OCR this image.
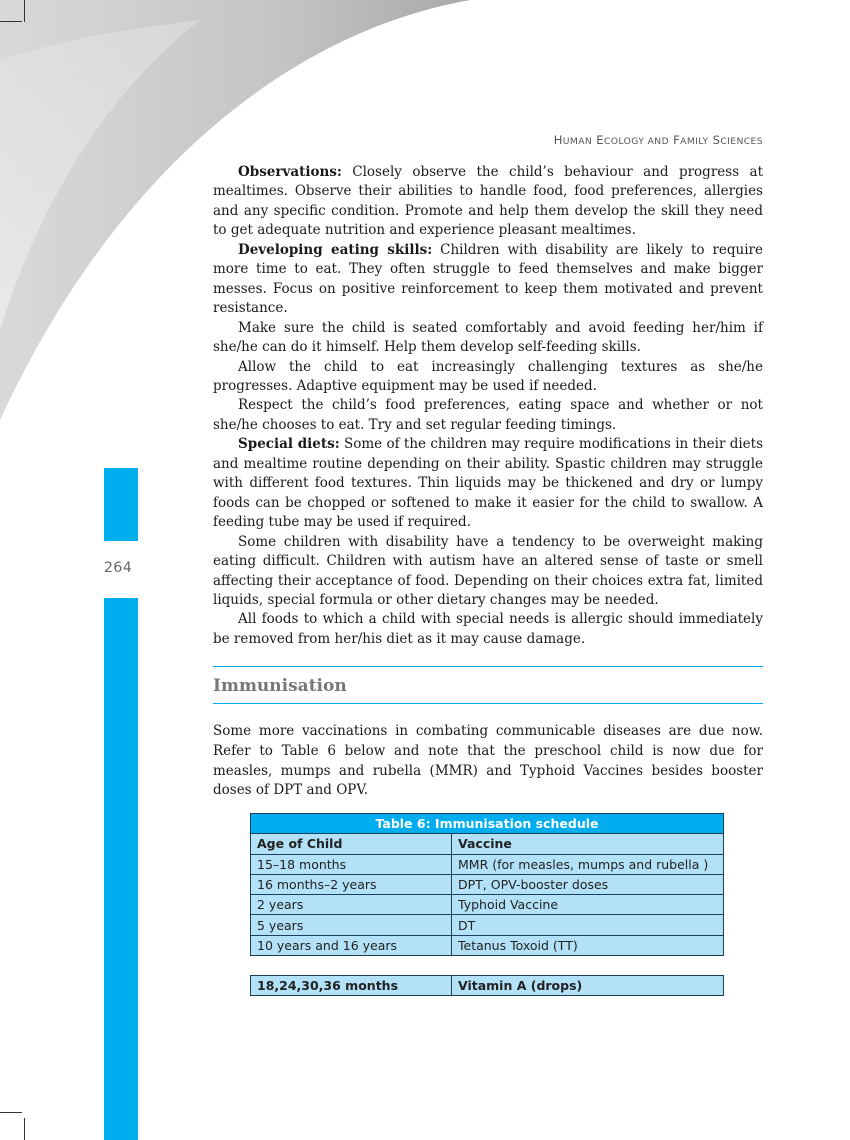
264
HUMAN ECOLOGY AND FAMILY SCIENCES

Observations: Closely observe the child’s behaviour and progress at mealtimes. Observe their abilities to handle food, food preferences, allergies and any specific condition. Promote and help them develop the skill they need to get adequate nutrition and experience pleasant mealtimes.

Developing eating skills: Children with disability are likely to require more time to eat. They often struggle to feed themselves and make bigger messes. Focus on positive reinforcement to keep them motivated and prevent resistance.

Make sure the child is seated comfortably and avoid feeding her/him if she/he can do it himself. Help them develop self-feeding skills.

Allow the child to eat increasingly challenging textures as she/he progresses. Adaptive equipment may be used if needed.

Respect the child’s food preferences, eating space and whether or not she/he chooses to eat. Try and set regular feeding timings.

Special diets: Some of the children may require modifications in their diets and mealtime routine depending on their ability. Spastic children may struggle with different food textures. Thin liquids may be thickened and dry or lumpy foods can be chopped or softened to make it easier for the child to swallow. A feeding tube may be used if required.

Some children with disability have a tendency to be overweight making eating difficult. Children with autism have an altered sense of taste or smell affecting their acceptance of food. Depending on their choices extra fat, limited liquids, special formula or other dietary changes may be needed.

All foods to which a child with special needs is allergic should immediately be removed from her/his diet as it may cause damage.

Immunisation

Some more vaccinations in combating communicable diseases are due now. Refer to Table 6 below and note that the preschool child is now due for measles, mumps and rubella (MMR) and Typhoid Vaccines besides booster doses of DPT and OPV.

Table 6: Immunisation schedule	
Age of Child	Vaccine
15–18 months	MMR (for measles, mumps and rubella )
16 months–2 years	DPT, OPV-booster doses
2 years	Typhoid Vaccine
5 years	DT
10 years and 16 years	Tetanus Toxoid (TT)
18,24,30,36 months	Vitamin A (drops)
